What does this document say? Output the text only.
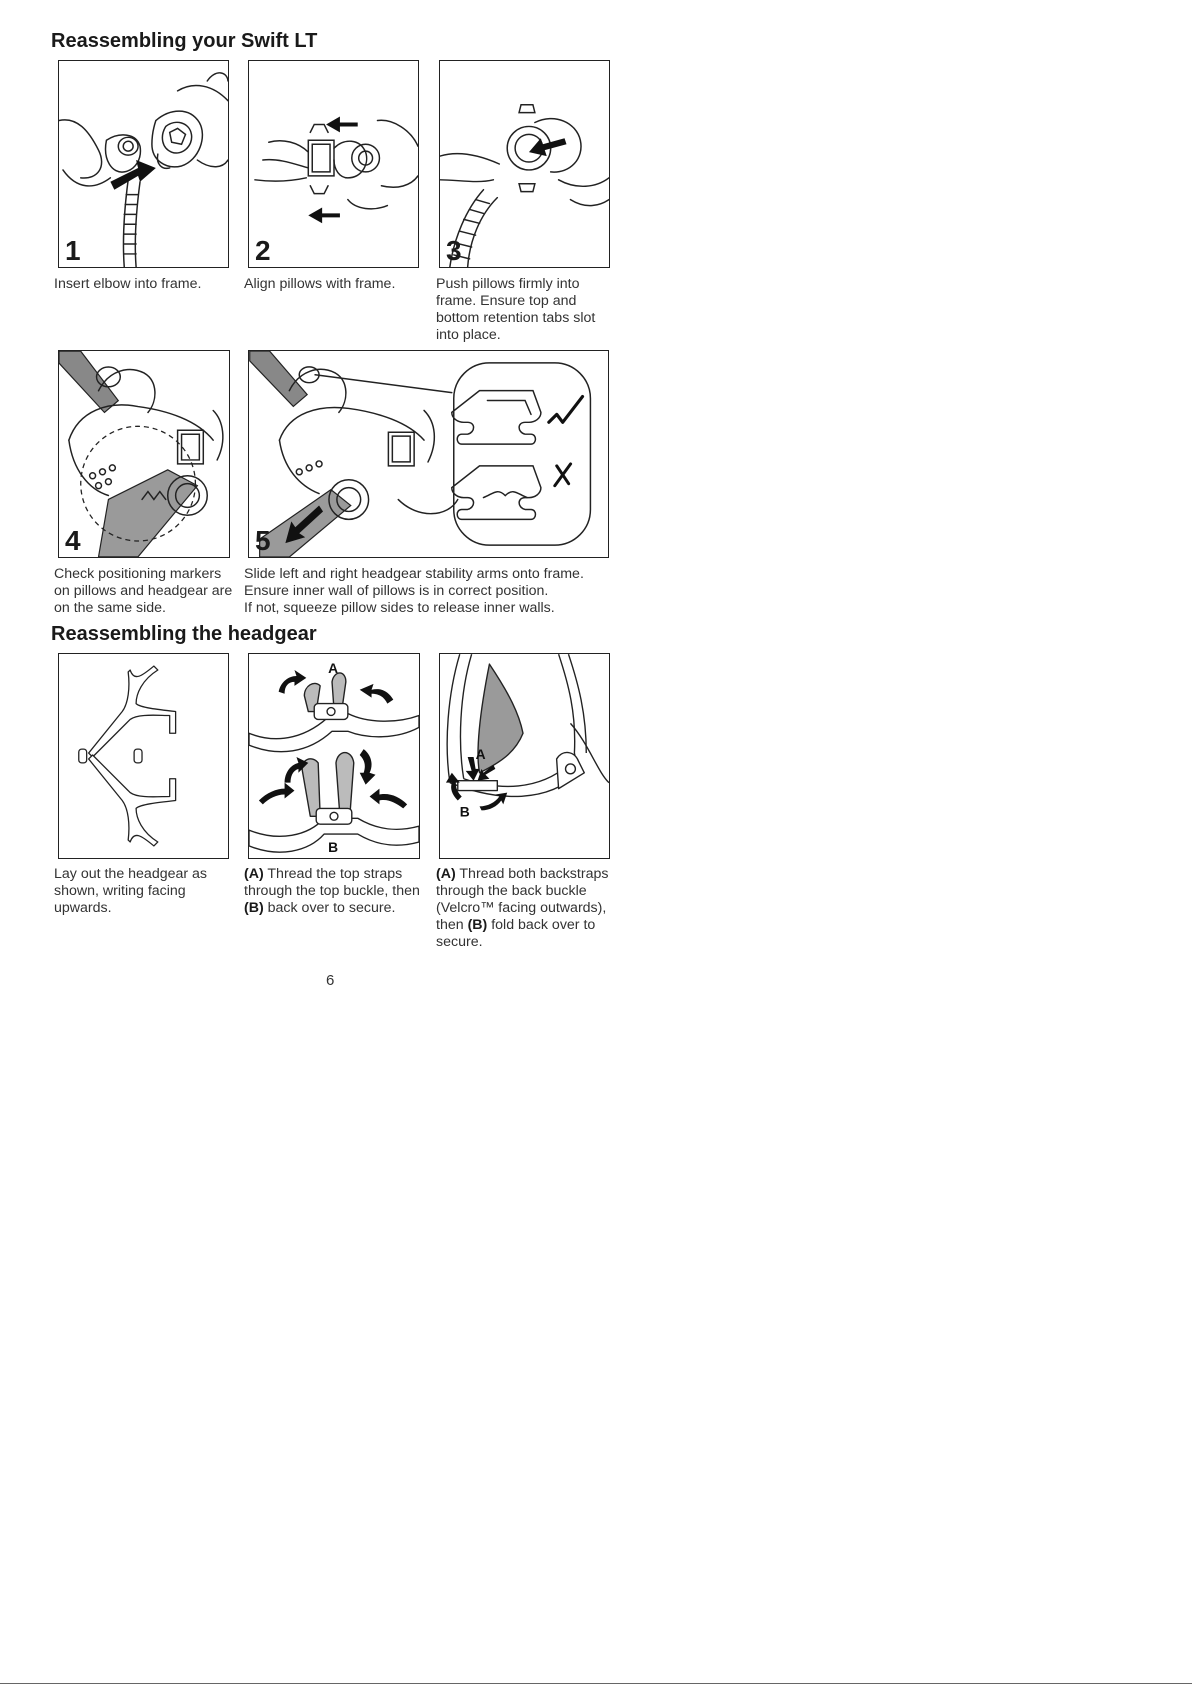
Reassembling your Swift LT
1

Insert elbow into frame.

2

Align pillows with frame.

3

Push pillows firmly into frame. Ensure top and bottom retention tabs slot into place.

4

Check positioning markers on pillows and headgear are on the same side.

5
Slide left and right headgear stability arms onto frame.
Ensure inner wall of pillows is in correct position.
If not, squeeze pillow sides to release inner walls.
Reassembling the headgear

Lay out the headgear as shown, writing facing upwards.

A
B

(A) Thread the top straps through the top buckle, then (B) back over to secure.

A
B

(A) Thread both backstraps through the back buckle (Velcro™ facing outwards), then (B) fold back over to secure.

6
